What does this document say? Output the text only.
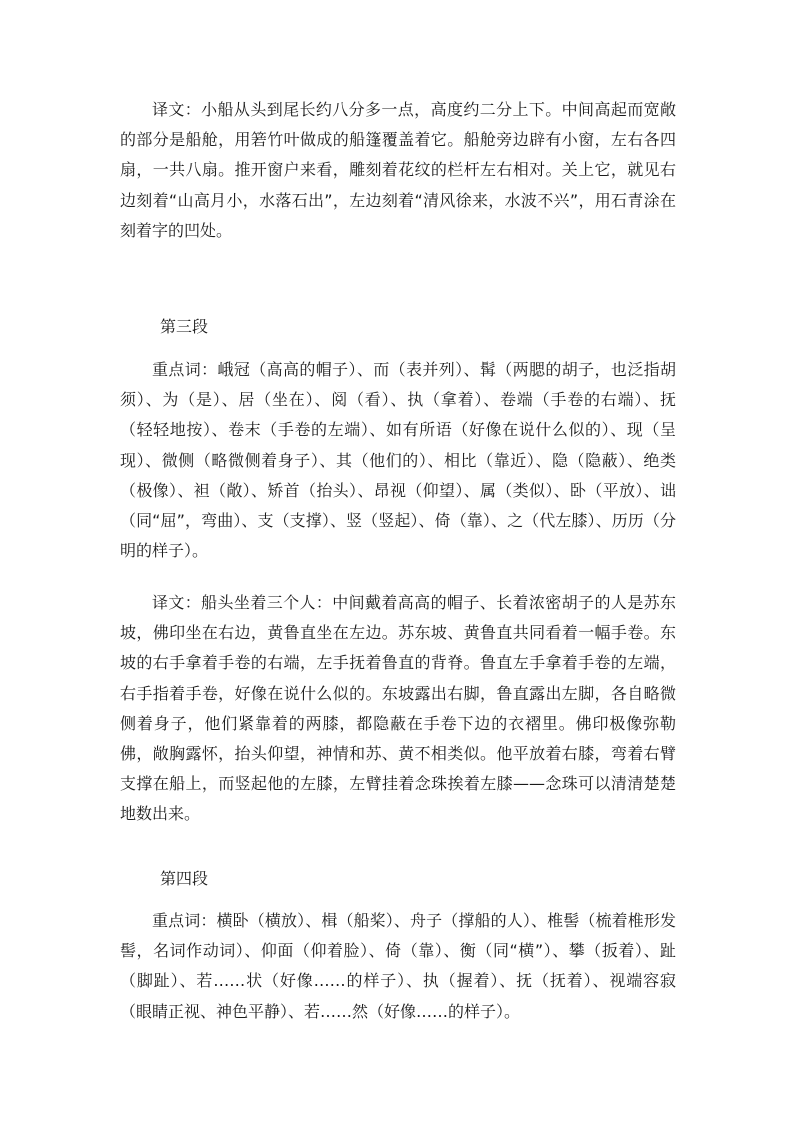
译文：小船从头到尾长约八分多一点，高度约二分上下。中间高起而宽敞的部分是船舱，用箬竹叶做成的船篷覆盖着它。船舱旁边辟有小窗，左右各四扇，一共八扇。推开窗户来看，雕刻着花纹的栏杆左右相对。关上它，就见右边刻着“山高月小，水落石出”，左边刻着“清风徐来，水波不兴”，用石青涂在刻着字的凹处。

第三段

重点词：峨冠（高高的帽子）、而（表并列）、髯（两腮的胡子，也泛指胡须）、为（是）、居（坐在）、阅（看）、执（拿着）、卷端（手卷的右端）、抚（轻轻地按）、卷末（手卷的左端）、如有所语（好像在说什么似的）、现（呈现）、微侧（略微侧着身子）、其（他们的）、相比（靠近）、隐（隐蔽）、绝类（极像）、袒（敞）、矫首（抬头）、昂视（仰望）、属（类似）、卧（平放）、诎（同“屈”，弯曲）、支（支撑）、竖（竖起）、倚（靠）、之（代左膝）、历历（分明的样子）。

译文：船头坐着三个人：中间戴着高高的帽子、长着浓密胡子的人是苏东坡，佛印坐在右边，黄鲁直坐在左边。苏东坡、黄鲁直共同看着一幅手卷。东坡的右手拿着手卷的右端，左手抚着鲁直的背脊。鲁直左手拿着手卷的左端，右手指着手卷，好像在说什么似的。东坡露出右脚，鲁直露出左脚，各自略微侧着身子，他们紧靠着的两膝，都隐蔽在手卷下边的衣褶里。佛印极像弥勒佛，敞胸露怀，抬头仰望，神情和苏、黄不相类似。他平放着右膝，弯着右臂支撑在船上，而竖起他的左膝，左臂挂着念珠挨着左膝——念珠可以清清楚楚地数出来。

第四段

重点词：横卧（横放）、楫（船桨）、舟子（撑船的人）、椎髻（梳着椎形发髻，名词作动词）、仰面（仰着脸）、倚（靠）、衡（同“横”）、攀（扳着）、趾（脚趾）、若……状（好像……的样子）、执（握着）、抚（抚着）、视端容寂（眼睛正视、神色平静）、若……然（好像……的样子）。
